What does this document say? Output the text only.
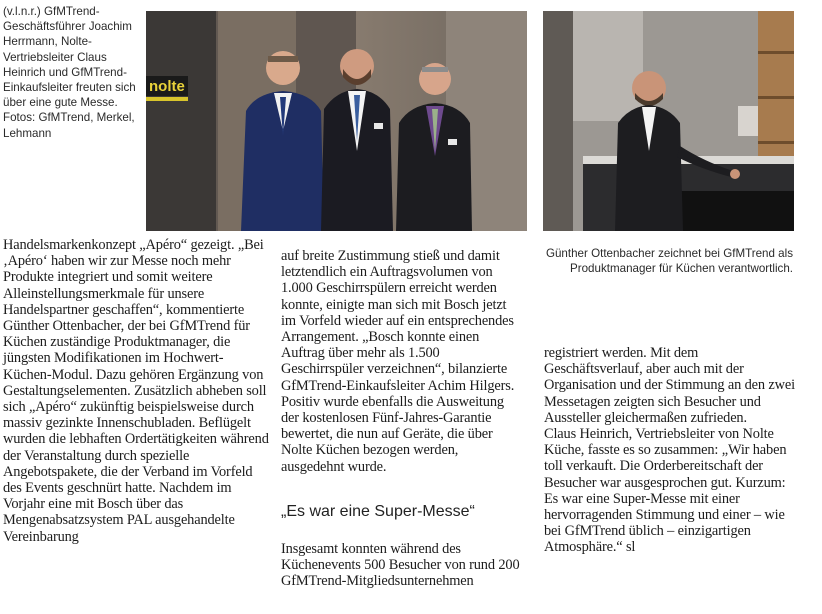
(v.l.n.r.) GfMTrend-Geschäftsführer Joachim Herrmann, Nolte-Vertriebsleiter Claus Heinrich und GfMTrend-Einkaufsleiter freuten sich über eine gute Messe. Fotos: GfMTrend, Merkel, Lehmann
nolte
Günther Ottenbacher zeichnet bei GfMTrend als Produktmanager für Küchen verantwortlich.

Handelsmarkenkonzept „Apéro“ gezeigt. „Bei ‚Apéro‘ haben wir zur Messe noch mehr Produkte integriert und somit weitere Alleinstellungsmerkmale für unsere Handelspartner geschaffen“, kommentierte Günther Ottenbacher, der bei GfMTrend für Küchen zuständige Produktmanager, die jüngsten Modifikationen im Hochwert-Küchen-Modul. Dazu gehören Ergänzung von Gestaltungselementen. Zusätzlich abheben soll sich „Apéro“ zukünftig beispielsweise durch massiv gezinkte Innenschubladen. Beflügelt wurden die lebhaften Ordertätigkeiten während der Veranstaltung durch spezielle Angebotspakete, die der Verband im Vorfeld des Events geschnürt hatte. Nachdem im Vorjahr eine mit Bosch über das Mengenabsatzsystem PAL ausgehandelte Vereinbarung

auf breite Zustimmung stieß und damit letztendlich ein Auftragsvolumen von 1.000 Geschirrspülern erreicht werden konnte, einigte man sich mit Bosch jetzt im Vorfeld wieder auf ein entsprechendes Arrangement. „Bosch konnte einen Auftrag über mehr als 1.500 Geschirrspüler verzeichnen“, bilanzierte GfMTrend-Einkaufsleiter Achim Hilgers. Positiv wurde ebenfalls die Ausweitung der kostenlosen Fünf-Jahres-Garantie bewertet, die nun auf Geräte, die über Nolte Küchen bezogen werden, ausgedehnt wurde.

„Es war eine Super-Messe“

Insgesamt konnten während des Küchenevents 500 Besucher von rund 200 GfMTrend-Mitgliedsunternehmen

registriert werden. Mit dem Geschäftsverlauf, aber auch mit der Organisation und der Stimmung an den zwei Messetagen zeigten sich Besucher und Aussteller gleichermaßen zufrieden.

Claus Heinrich, Vertriebsleiter von Nolte Küche, fasste es so zusammen: „Wir haben toll verkauft. Die Orderbereitschaft der Besucher war ausgesprochen gut. Kurzum: Es war eine Super-Messe mit einer hervorragenden Stimmung und einer – wie bei GfMTrend üblich – einzigartigen Atmosphäre.“ sl
